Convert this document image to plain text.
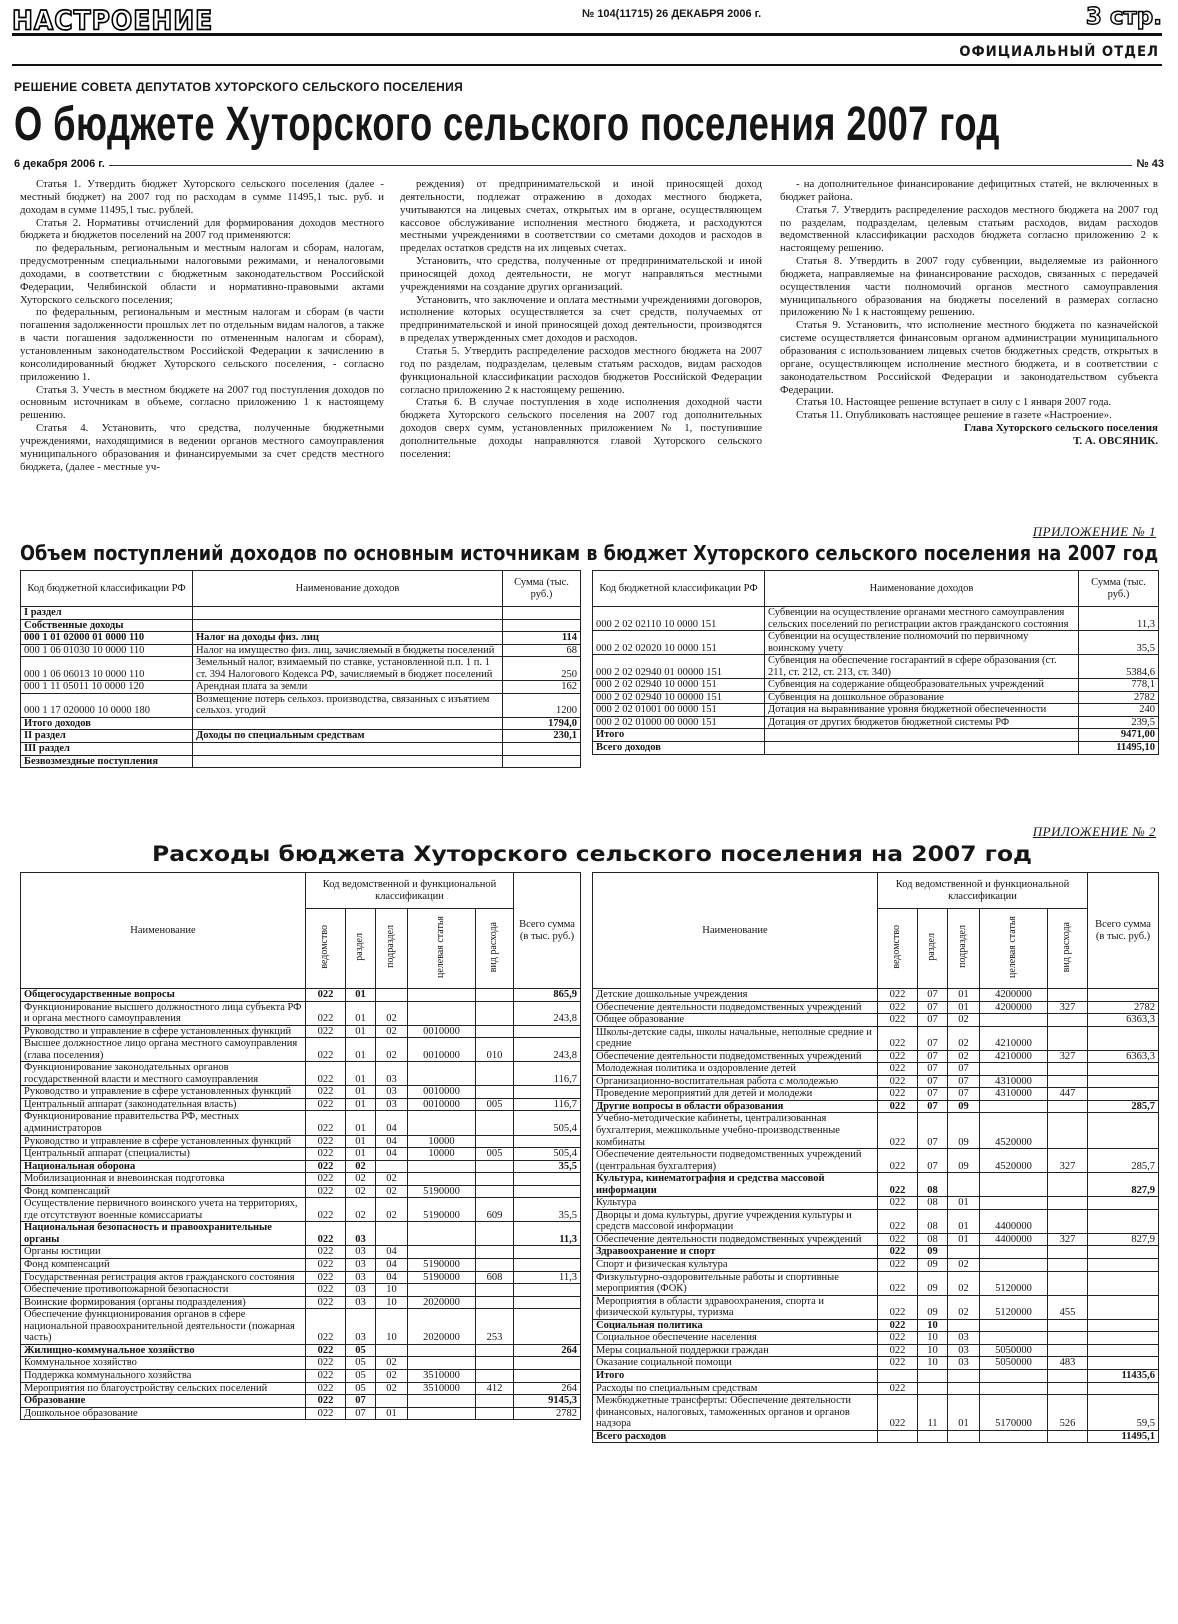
НАСТРОЕНИЕ	№ 104(11715) 26 ДЕКАБРЯ 2006 г.	3 стр.
ОФИЦИАЛЬНЫЙ ОТДЕЛ
РЕШЕНИЕ СОВЕТА ДЕПУТАТОВ ХУТОРСКОГО СЕЛЬСКОГО ПОСЕЛЕНИЯ
О бюджете Хуторского сельского поселения 2007 год
6 декабря 2006 г.	№ 43

Статья 1. Утвердить бюджет Хуторского сельского поселения (далее - местный бюджет) на 2007 год по расходам в сумме 11495,1 тыс. руб. и доходам в сумме 11495,1 тыс. рублей.

Статья 2. Нормативы отчислений для формирования доходов местного бюджета и бюджетов поселений на 2007 год применяются:

по федеральным, региональным и местным налогам и сборам, налогам, предусмотренным специальными налоговыми режимами, и неналоговыми доходами, в соответствии с бюджетным законодательством Российской Федерации, Челябинской области и нормативно-правовыми актами Хуторского сельского поселения;

по федеральным, региональным и местным налогам и сборам (в части погашения задолженности прошлых лет по отдельным видам налогов, а также в части погашения задолженности по отмененным налогам и сборам), установленным законодательством Российской Федерации к зачислению в консолидированный бюджет Хуторского сельского поселения, - согласно приложению 1.

Статья 3. Учесть в местном бюджете на 2007 год поступления доходов по основным источникам в объеме, согласно приложению 1 к настоящему решению.

Статья 4. Установить, что средства, полученные бюджетными учреждениями, находящимися в ведении органов местного самоуправления муниципального образования и финансируемыми за счет средств местного бюджета, (далее - местные уч-

реждения) от предпринимательской и иной приносящей доход деятельности, подлежат отражению в доходах местного бюджета, учитываются на лицевых счетах, открытых им в органе, осуществляющем кассовое обслуживание исполнения местного бюджета, и расходуются местными учреждениями в соответствии со сметами доходов и расходов в пределах остатков средств на их лицевых счетах.

Установить, что средства, полученные от предпринимательской и иной приносящей доход деятельности, не могут направляться местными учреждениями на создание других организаций.

Установить, что заключение и оплата местными учреждениями договоров, исполнение которых осуществляется за счет средств, получаемых от предпринимательской и иной приносящей доход деятельности, производятся в пределах утвержденных смет доходов и расходов.

Статья 5. Утвердить распределение расходов местного бюджета на 2007 год по разделам, подразделам, целевым статьям расходов, видам расходов функциональной классификации расходов бюджетов Российской Федерации согласно приложению 2 к настоящему решению.

Статья 6. В случае поступления в ходе исполнения доходной части бюджета Хуторского сельского поселения на 2007 год дополнительных доходов сверх сумм, установленных приложением № 1, поступившие дополнительные доходы направляются главой Хуторского сельского поселения:

- на дополнительное финансирование дефицитных статей, не включенных в бюджет района.

Статья 7. Утвердить распределение расходов местного бюджета на 2007 год по разделам, подразделам, целевым статьям расходов, видам расходов ведомственной классификации расходов бюджета согласно приложению 2 к настоящему решению.

Статья 8. Утвердить в 2007 году субвенции, выделяемые из районного бюджета, направляемые на финансирование расходов, связанных с передачей осуществления части полномочий органов местного самоуправления муниципального образования на бюджеты поселений в размерах согласно приложению № 1 к настоящему решению.

Статья 9. Установить, что исполнение местного бюджета по казначейской системе осуществляется финансовым органом администрации муниципального образования с использованием лицевых счетов бюджетных средств, открытых в органе, осуществляющем исполнение местного бюджета, и в соответствии с законодательством Российской Федерации и законодательством субъекта Федерации.

Статья 10. Настоящее решение вступает в силу с 1 января 2007 года.

Статья 11. Опубликовать настоящее решение в газете «Настроение».

Глава Хуторского сельского поселения
Т. А. ОВСЯНИК.
ПРИЛОЖЕНИЕ № 1
Объем поступлений доходов по основным источникам в бюджет Хуторского сельского поселения на 2007 год
Код бюджетной классификации РФ	Наименование доходов	Сумма (тыс. руб.)
I раздел		
Собственные доходы		
000 1 01 02000 01 0000 110	Налог на доходы физ. лиц	114
000 1 06 01030 10 0000 110	Налог на имущество физ. лиц, зачисляемый в бюджеты поселений	68
000 1 06 06013 10 0000 110	Земельный налог, взимаемый по ставке, установленной п.п. 1 п. 1 ст. 394 Налогового Кодекса РФ, зачисляемый в бюджет поселений	250
000 1 11 05011 10 0000 120	Арендная плата за земли	162
000 1 17 020000 10 0000 180	Возмещение потерь сельхоз. производства, связанных с изъятием сельхоз. угодий	1200
Итого доходов		1794,0
II раздел	Доходы по специальным средствам	230,1
III раздел		
Безвозмездные поступления		
Код бюджетной классификации РФ	Наименование доходов	Сумма (тыс. руб.)
000 2 02 02110 10 0000 151	Субвенции на осуществление органами местного самоуправления сельских поселений по регистрации актов гражданского состояния	11,3
000 2 02 02020 10 0000 151	Субвенции на осуществление полномочий по первичному воинскому учету	35,5
000 2 02 02940 01 00000 151	Субвенция на обеспечение госгарантий в сфере образования (ст. 211, ст. 212, ст. 213, ст. 340)	5384,6
000 2 02 02940 10 0000 151	Субвенция на содержание общеобразовательных учреждений	778,1
000 2 02 02940 10 00000 151	Субвенция на дошкольное образование	2782
000 2 02 01001 00 0000 151	Дотация на выравнивание уровня бюджетной обеспеченности	240
000 2 02 01000 00 0000 151	Дотация от других бюджетов бюджетной системы РФ	239,5
Итого		9471,00
Всего доходов		11495,10
ПРИЛОЖЕНИЕ № 2
Расходы бюджета Хуторского сельского поселения на 2007 год
Наименование	Код ведомственной и функциональной классификации					Всего сумма (в тыс. руб.)
	ведомство	раздел	подраздел	целевая статья	вид расхода	
Общегосударственные вопросы	022	01				865,9
Функционирование высшего должностного лица субъекта РФ и органа местного самоуправления	022	01	02			243,8
Руководство и управление в сфере установленных функций	022	01	02	0010000		
Высшее должностное лицо органа местного самоуправления (глава поселения)	022	01	02	0010000	010	243,8
Функционирование законодательных органов государственной власти и местного самоуправления	022	01	03			116,7
Руководство и управление в сфере установленных функций	022	01	03	0010000		
Центральный аппарат (законодательная власть)	022	01	03	0010000	005	116,7
Функционирование правительства РФ, местных администраторов	022	01	04			505,4
Руководство и управление в сфере установленных функций	022	01	04	10000		
Центральный аппарат (специалисты)	022	01	04	10000	005	505,4
Национальная оборона	022	02				35,5
Мобилизационная и вневоинская подготовка	022	02	02			
Фонд компенсаций	022	02	02	5190000		
Осуществление первичного воинского учета на территориях, где отсутствуют военные комиссариаты	022	02	02	5190000	609	35,5
Национальная безопасность и правоохранительные органы	022	03				11,3
Органы юстиции	022	03	04			
Фонд компенсаций	022	03	04	5190000		
Государственная регистрация актов гражданского состояния	022	03	04	5190000	608	11,3
Обеспечение противопожарной безопасности	022	03	10			
Воинские формирования (органы подразделения)	022	03	10	2020000		
Обеспечение функционирования органов в сфере национальной правоохранительной деятельности (пожарная часть)	022	03	10	2020000	253	
Жилищно-коммунальное хозяйство	022	05				264
Коммунальное хозяйство	022	05	02			
Поддержка коммунального хозяйства	022	05	02	3510000		
Мероприятия по благоустройству сельских поселений	022	05	02	3510000	412	264
Образование	022	07				9145,3
Дошкольное образование	022	07	01			2782
Наименование	Код ведомственной и функциональной классификации					Всего сумма (в тыс. руб.)
	ведомство	раздел	подраздел	целевая статья	вид расхода	
Детские дошкольные учреждения	022	07	01	4200000		
Обеспечение деятельности подведомственных учреждений	022	07	01	4200000	327	2782
Общее образование	022	07	02			6363,3
Школы-детские сады, школы начальные, неполные средние и средние	022	07	02	4210000		
Обеспечение деятельности подведомственных учреждений	022	07	02	4210000	327	6363,3
Молодежная политика и оздоровление детей	022	07	07			
Организационно-воспитательная работа с молодежью	022	07	07	4310000		
Проведение мероприятий для детей и молодежи	022	07	07	4310000	447	
Другие вопросы в области образования	022	07	09			285,7
Учебно-методические кабинеты, централизованная бухгалтерия, межшкольные учебно-производственные комбинаты	022	07	09	4520000		
Обеспечение деятельности подведомственных учреждений (центральная бухгалтерия)	022	07	09	4520000	327	285,7
Культура, кинематография и средства массовой информации	022	08				827,9
Культура	022	08	01			
Дворцы и дома культуры, другие учреждения культуры и средств массовой информации	022	08	01	4400000		
Обеспечение деятельности подведомственных учреждений	022	08	01	4400000	327	827,9
Здравоохранение и спорт	022	09				
Спорт и физическая культура	022	09	02			
Физкультурно-оздоровительные работы и спортивные мероприятия (ФОК)	022	09	02	5120000		
Мероприятия в области здравоохранения, спорта и физической культуры, туризма	022	09	02	5120000	455	
Социальная политика	022	10				
Социальное обеспечение населения	022	10	03			
Меры социальной поддержки граждан	022	10	03	5050000		
Оказание социальной помощи	022	10	03	5050000	483	
Итого						11435,6
Расходы по специальным средствам	022					
Межбюджетные трансферты: Обеспечение деятельности финансовых, налоговых, таможенных органов и органов надзора	022	11	01	5170000	526	59,5
Всего расходов						11495,1
